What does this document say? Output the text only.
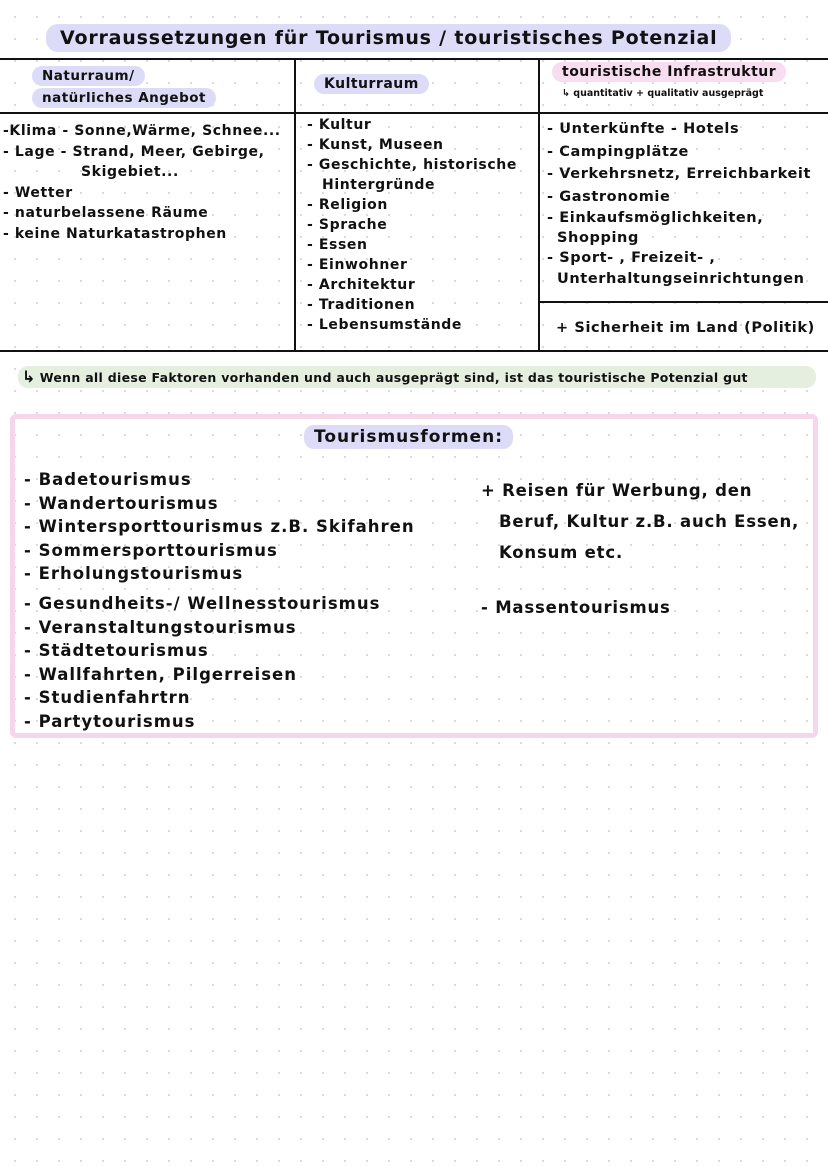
Vorraussetzungen für Tourismus / touristisches Potenzial
Naturraum/
natürliches Angebot
Kulturraum
touristische Infrastruktur
↳ quantitativ + qualitativ ausgeprägt
-Klima - Sonne,Wärme, Schnee...
- Lage - Strand, Meer, Gebirge,
Skigebiet...
- Wetter
- naturbelassene Räume
- keine Naturkatastrophen
- Kultur
- Kunst, Museen
- Geschichte, historische
Hintergründe
- Religion
- Sprache
- Essen
- Einwohner
- Architektur
- Traditionen
- Lebensumstände
- Unterkünfte - Hotels
- Campingplätze
- Verkehrsnetz, Erreichbarkeit
- Gastronomie
- Einkaufsmöglichkeiten,
Shopping
- Sport- , Freizeit- ,
Unterhaltungseinrichtungen
+ Sicherheit im Land (Politik)
↳ Wenn all diese Faktoren vorhanden und auch ausgeprägt sind, ist das touristische Potenzial gut
Tourismusformen:
- Badetourismus
- Wandertourismus
- Wintersporttourismus z.B. Skifahren
- Sommersporttourismus
- Erholungstourismus
- Gesundheits-/ Wellnesstourismus
- Veranstaltungstourismus
- Städtetourismus
- Wallfahrten, Pilgerreisen
- Studienfahrtrn
- Partytourismus
+ Reisen für Werbung, den
Beruf, Kultur z.B. auch Essen,
Konsum etc.
- Massentourismus
